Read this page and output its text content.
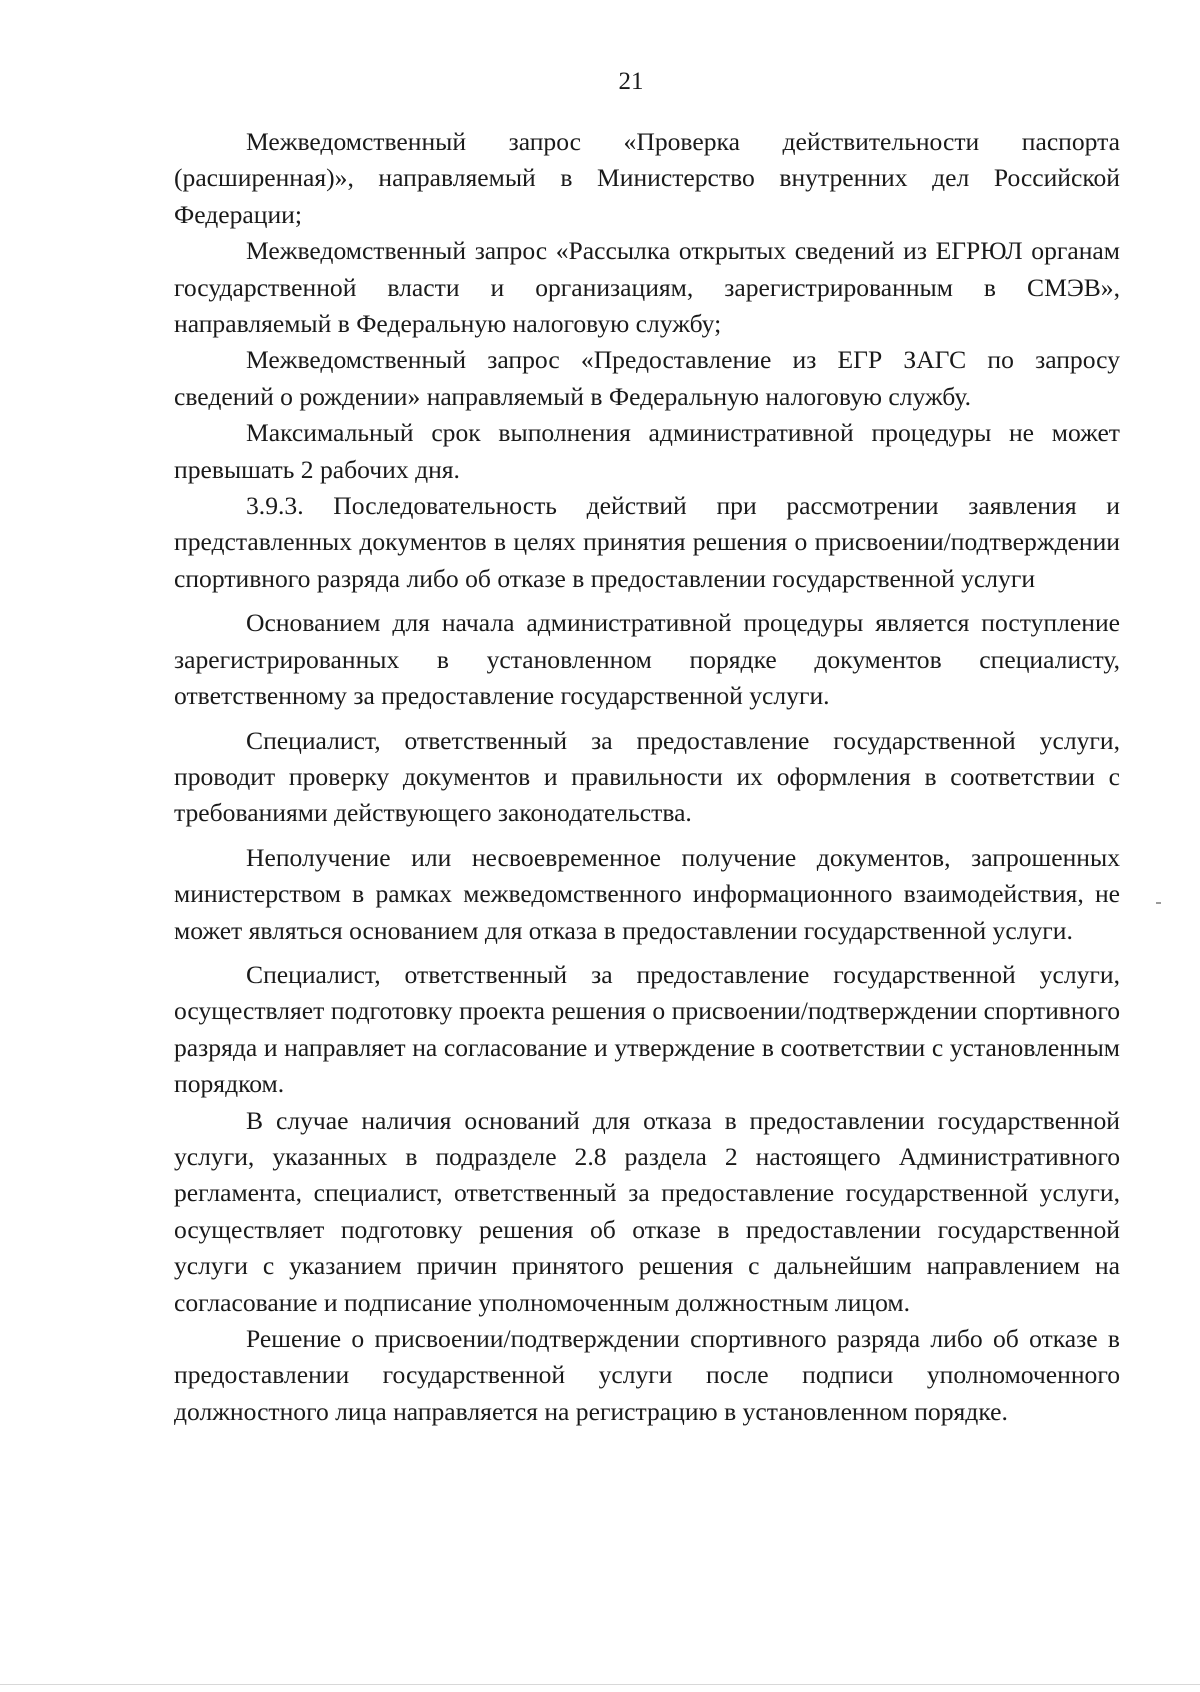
21

Межведомственный запрос «Проверка действительности паспорта (расширенная)», направляемый в Министерство внутренних дел Российской Федерации;

Межведомственный запрос «Рассылка открытых сведений из ЕГРЮЛ органам государственной власти и организациям, зарегистрированным в СМЭВ», направляемый в Федеральную налоговую службу;

Межведомственный запрос «Предоставление из ЕГР ЗАГС по запросу сведений о рождении» направляемый в Федеральную налоговую службу.

Максимальный срок выполнения административной процедуры не может превышать 2 рабочих дня.

3.9.3. Последовательность действий при рассмотрении заявления и представленных документов в целях принятия решения о присвоении/подтверждении спортивного разряда либо об отказе в предоставлении государственной услуги

Основанием для начала административной процедуры является поступление зарегистрированных в установленном порядке документов специалисту, ответственному за предоставление государственной услуги.

Специалист, ответственный за предоставление государственной услуги, проводит проверку документов и правильности их оформления в соответствии с требованиями действующего законодательства.

Неполучение или несвоевременное получение документов, запрошенных министерством в рамках межведомственного информационного взаимодействия, не может являться основанием для отказа в предоставлении государственной услуги.

Специалист, ответственный за предоставление государственной услуги, осуществляет подготовку проекта решения о присвоении/подтверждении спортивного разряда и направляет на согласование и утверждение в соответствии с установленным порядком.

В случае наличия оснований для отказа в предоставлении государственной услуги, указанных в подразделе 2.8 раздела 2 настоящего Административного регламента, специалист, ответственный за предоставление государственной услуги, осуществляет подготовку решения об отказе в предоставлении государственной услуги с указанием причин принятого решения с дальнейшим направлением на согласование и подписание уполномоченным должностным лицом.

Решение о присвоении/подтверждении спортивного разряда либо об отказе в предоставлении государственной услуги после подписи уполномоченного должностного лица направляется на регистрацию в установленном порядке.
